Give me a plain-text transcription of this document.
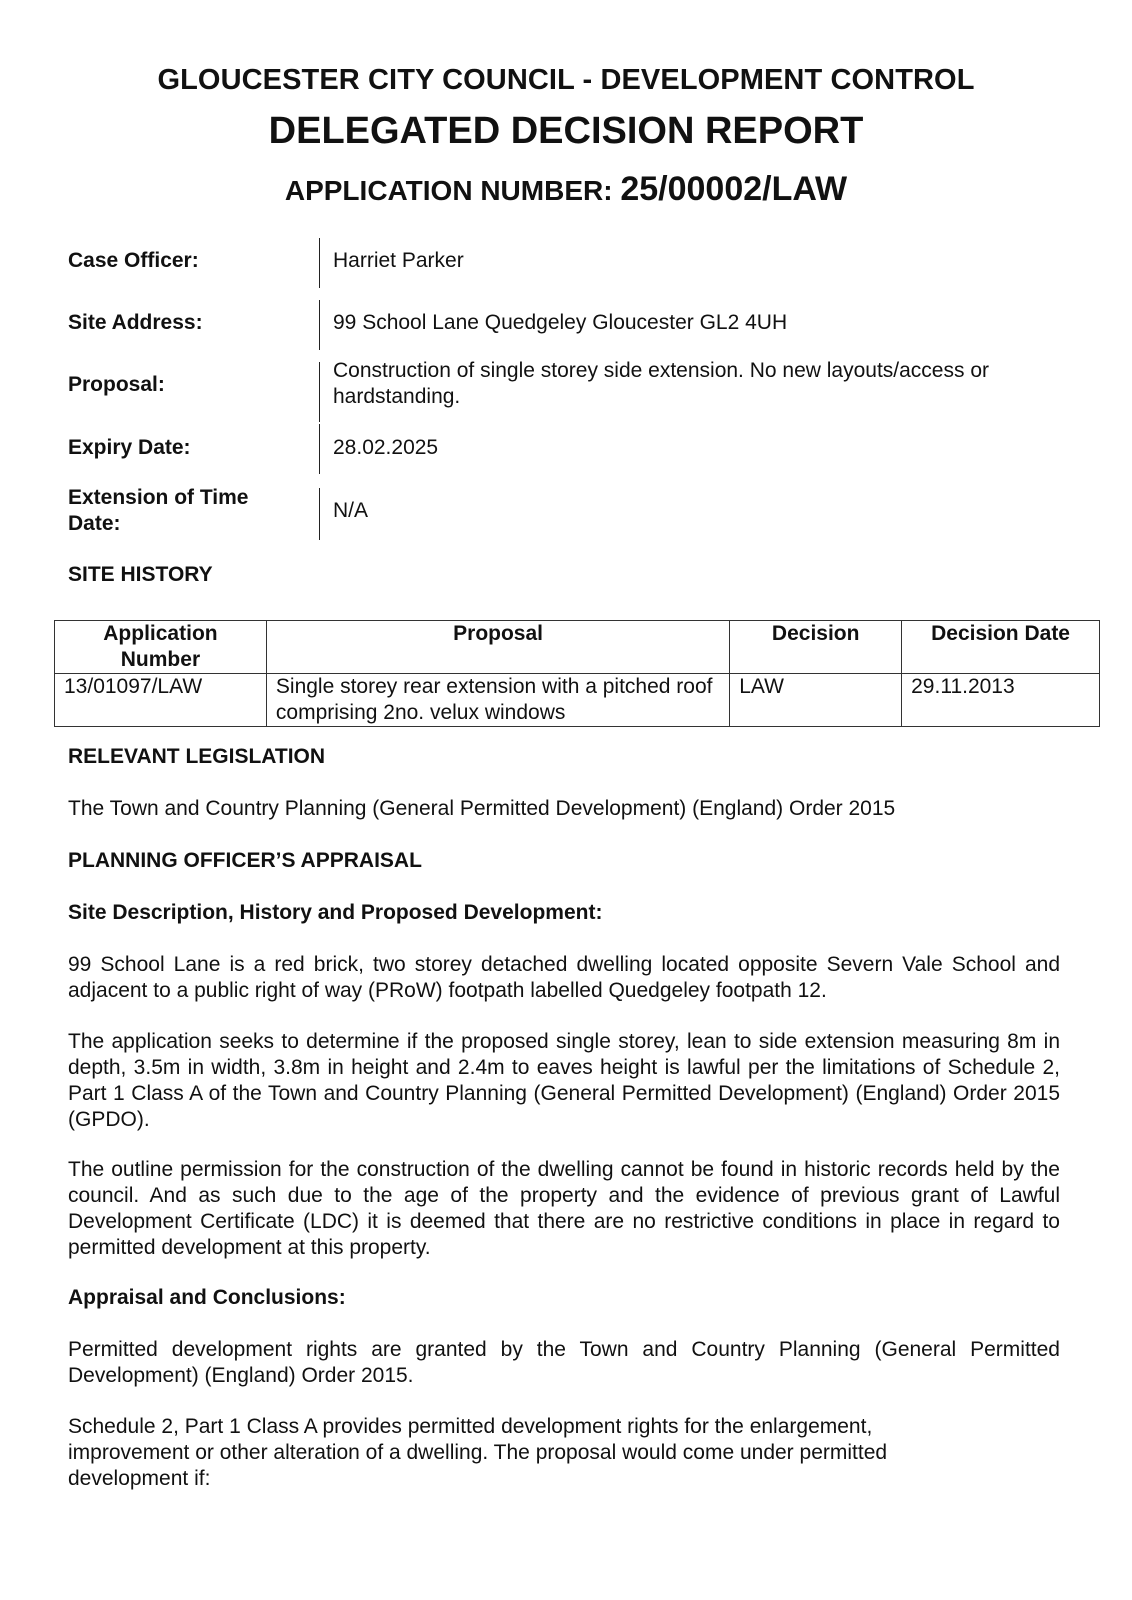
GLOUCESTER CITY COUNCIL - DEVELOPMENT CONTROL
DELEGATED DECISION REPORT
APPLICATION NUMBER: 25/00002/LAW
Case Officer:	Harriet Parker
Site Address:	99 School Lane Quedgeley Gloucester GL2 4UH
Proposal:
Construction of single storey side extension. No new layouts/access or hardstanding.
Expiry Date:	28.02.2025
Extension of Time Date:
N/A
SITE HISTORY
Application Number	Proposal	Decision	Decision Date
13/01097/LAW	Single storey rear extension with a pitched roof comprising 2no. velux windows	LAW	29.11.2013
RELEVANT LEGISLATION
The Town and Country Planning (General Permitted Development) (England) Order 2015
PLANNING OFFICER’S APPRAISAL
Site Description, History and Proposed Development:
99 School Lane is a red brick, two storey detached dwelling located opposite Severn Vale School and adjacent to a public right of way (PRoW) footpath labelled Quedgeley footpath 12.
The application seeks to determine if the proposed single storey, lean to side extension measuring 8m in depth, 3.5m in width, 3.8m in height and 2.4m to eaves height is lawful per the limitations of Schedule 2, Part 1 Class A of the Town and Country Planning (General Permitted Development) (England) Order 2015 (GPDO).
The outline permission for the construction of the dwelling cannot be found in historic records held by the council. And as such due to the age of the property and the evidence of previous grant of Lawful Development Certificate (LDC) it is deemed that there are no restrictive conditions in place in regard to permitted development at this property.
Appraisal and Conclusions:
Permitted development rights are granted by the Town and Country Planning (General Permitted Development) (England) Order 2015.
Schedule 2, Part 1 Class A provides permitted development rights for the enlargement, improvement or other alteration of a dwelling. The proposal would come under permitted development if:
